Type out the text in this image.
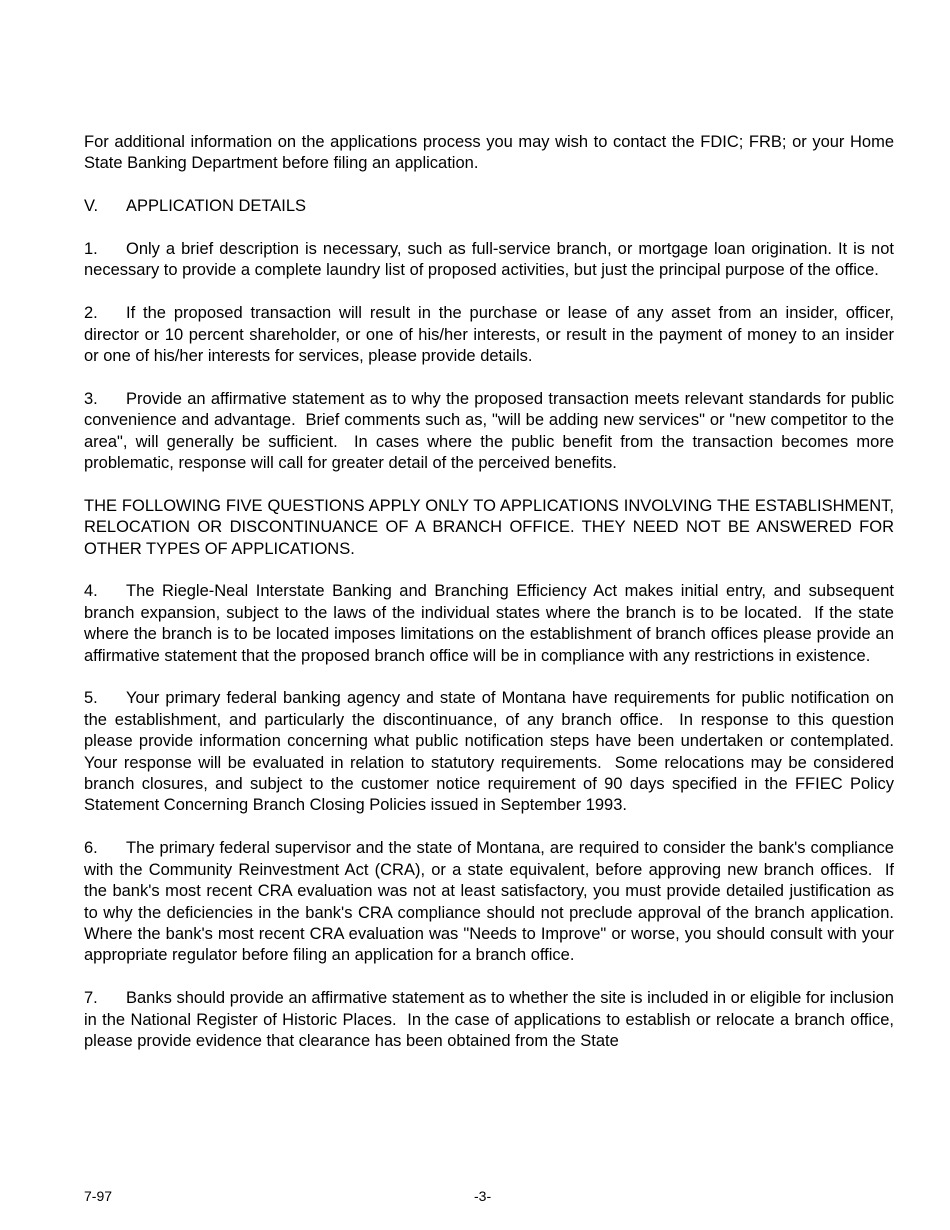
For additional information on the applications process you may wish to contact the FDIC; FRB; or your Home State Banking Department before filing an application.

V. APPLICATION DETAILS

1. Only a brief description is necessary, such as full-service branch, or mortgage loan origination. It is not necessary to provide a complete laundry list of proposed activities, but just the principal purpose of the office.

2. If the proposed transaction will result in the purchase or lease of any asset from an insider, officer, director or 10 percent shareholder, or one of his/her interests, or result in the payment of money to an insider or one of his/her interests for services, please provide details.

3. Provide an affirmative statement as to why the proposed transaction meets relevant standards for public convenience and advantage.  Brief comments such as, "will be adding new services" or "new competitor to the area", will generally be sufficient.  In cases where the public benefit from the transaction becomes more problematic, response will call for greater detail of the perceived benefits.

THE FOLLOWING FIVE QUESTIONS APPLY ONLY TO APPLICATIONS INVOLVING THE ESTABLISHMENT, RELOCATION OR DISCONTINUANCE OF A BRANCH OFFICE. THEY NEED NOT BE ANSWERED FOR OTHER TYPES OF APPLICATIONS.

4. The Riegle-Neal Interstate Banking and Branching Efficiency Act makes initial entry, and subsequent branch expansion, subject to the laws of the individual states where the branch is to be located.  If the state where the branch is to be located imposes limitations on the establishment of branch offices please provide an affirmative statement that the proposed branch office will be in compliance with any restrictions in existence.

5. Your primary federal banking agency and state of Montana have requirements for public notification on the establishment, and particularly the discontinuance, of any branch office.  In response to this question please provide information concerning what public notification steps have been undertaken or contemplated.  Your response will be evaluated in relation to statutory requirements.  Some relocations may be considered branch closures, and subject to the customer notice requirement of 90 days specified in the FFIEC Policy Statement Concerning Branch Closing Policies issued in September 1993.

6. The primary federal supervisor and the state of Montana, are required to consider the bank's compliance with the Community Reinvestment Act (CRA), or a state equivalent, before approving new branch offices.  If the bank's most recent CRA evaluation was not at least satisfactory, you must provide detailed justification as to why the deficiencies in the bank's CRA compliance should not preclude approval of the branch application.  Where the bank's most recent CRA evaluation was "Needs to Improve" or worse, you should consult with your appropriate regulator before filing an application for a branch office.

7. Banks should provide an affirmative statement as to whether the site is included in or eligible for inclusion in the National Register of Historic Places.  In the case of applications to establish or relocate a branch office, please provide evidence that clearance has been obtained from the State

7-97	-3-
